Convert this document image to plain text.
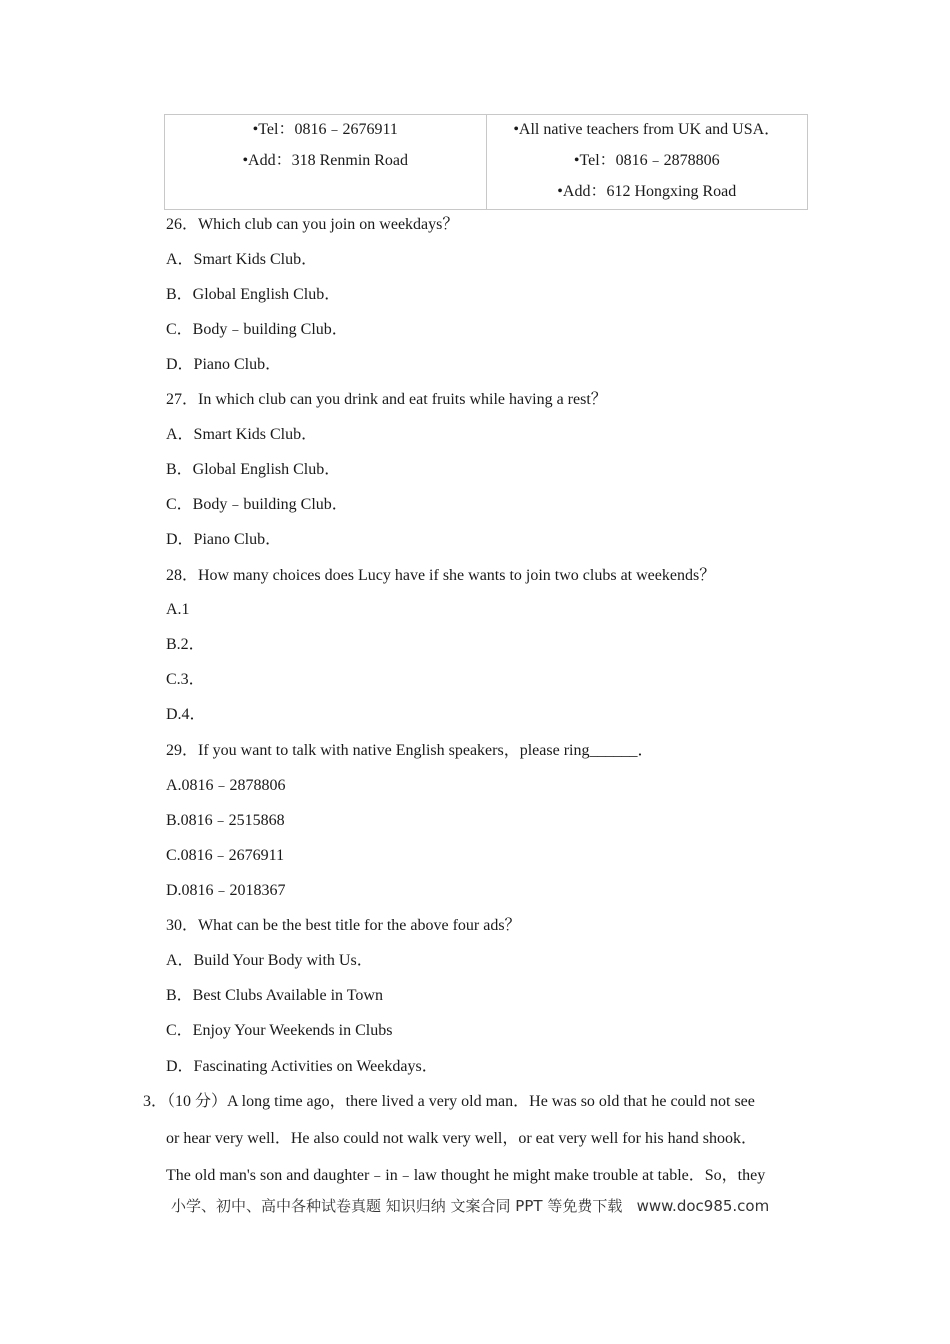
•Tel：0816﹣2676911
•Add：318 Renmin Road
•All native teachers from UK and USA．
•Tel：0816﹣2878806
•Add：612 Hongxing Road
26．Which club can you join on weekdays？
A．Smart Kids Club．
B．Global English Club．
C．Body﹣building Club．
D．Piano Club．
27．In which club can you drink and eat fruits while having a rest？
A．Smart Kids Club．
B．Global English Club．
C．Body﹣building Club．
D．Piano Club．
28．How many choices does Lucy have if she wants to join two clubs at weekends？
A.1
B.2．
C.3．
D.4．
29．If you want to talk with native English speakers，please ring______．
A.0816﹣2878806
B.0816﹣2515868
C.0816﹣2676911
D.0816﹣2018367
30．What can be the best title for the above four ads？
A．Build Your Body with Us．
B．Best Clubs Available in Town
C．Enjoy Your Weekends in Clubs
D．Fascinating Activities on Weekdays．
3．（10 分）A long time ago，there lived a very old man．He was so old that he could not see
or hear very well．He also could not walk very well，or eat very well for his hand shook．
The old man's son and daughter﹣in﹣law thought he might make trouble at table．So，they
小学、初中、高中各种试卷真题 知识归纳 文案合同 PPT 等免费下载   www.doc985.com
